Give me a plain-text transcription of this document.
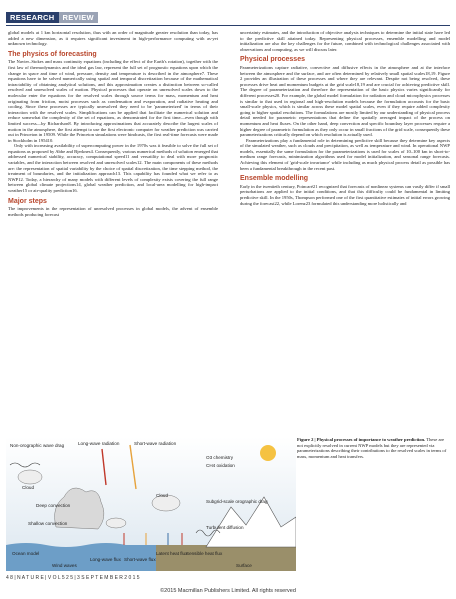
RESEARCH	REVIEW

global models at 1 km horizontal resolution, thus with an order of magnitude greater resolution than today, has added a new dimension, as it requires significant investment in high-performance computing with as-yet unknown technology.

The physics of forecasting

The Navier–Stokes and mass continuity equations (including the effect of the Earth's rotation), together with the first law of thermodynamics and the ideal gas law, represent the full set of prognostic equations upon which the change in space and time of wind, pressure, density and temperature is described in the atmosphere7. These equations have to be solved numerically using spatial and temporal discretization because of the mathematical intractability of obtaining analytical solutions, and this approximation creates a distinction between so-called resolved and unresolved scales of motion. Physical processes that operate on unresolved scales down to the molecular enter the equations for the resolved scales through source terms for mass, momentum and heat originating from friction, moist processes such as condensation and evaporation, and radiative heating and cooling. Since these processes are typically unresolved they need to be 'parameterized' in terms of their interaction with the resolved scales. Simplifications can be applied that facilitate the numerical solution and reduce somewhat the complexity of the set of equations, as demonstrated for the first time—even though with limited success—by Richardson8. By introducing approximations that accurately describe the largest scales of motion in the atmosphere, the first attempt to use the first electronic computer for weather prediction was carried out in Princeton in 19509. While the Princeton simulations were hindcasts, the first real-time forecasts were made in Stockholm in 195410.

Only with increasing availability of supercomputing power in the 1970s was it feasible to solve the full set of equations as proposed by Abbe and Bjerknes4. Consequently, various numerical methods of solution emerged that addressed numerical stability, accuracy, computational speed11 and versatility to deal with more prognostic variables, and the interaction between resolved and unresolved scales12. The main components of these methods are: the representation of spatial variability by the choice of spatial discretization, the time stepping method, the treatment of boundaries, and the initialization approach13. This capability has founded what we refer to as NWP12. Today, a hierarchy of many models with different levels of complexity exists covering the full range between global climate projections14, global weather prediction, and local-area modelling for high-impact weather15 or air-quality prediction16.

Major steps

The improvements in the representation of unresolved processes in global models, the advent of ensemble methods producing forecast

uncertainty estimates, and the introduction of objective analysis techniques to determine the initial state have led to the predictive skill attained today. Representing physical processes, ensemble modelling and model initialization are also the key challenges for the future, combined with technological challenges associated with observations and computing, as we will discuss later.

Physical processes

Parameterizations capture radiative, convective and diffusive effects in the atmosphere and at the interface between the atmosphere and the surface, and are often determined by relatively small spatial scales18,19. Figure 2 provides an illustration of these processes and where they are relevant. Despite not being resolved, these processes drive heat and momentum budgets at the grid scale18,19 and are crucial for achieving predictive skill. The degree of parameterization and therefore the representation of the basic physics varies significantly for different processes20. For example, the global model formulation for radiation and cloud microphysics processes is similar to that used in regional and high-resolution models because the formulation accounts for the basic small-scale physics, which is similar across these model spatial scales, even if they require added complexity going to higher spatial resolutions. The formulations are mostly limited by our understanding of physical process detail needed for parametric representations that define the spatially averaged impact of the process on momentum and heat fluxes. On the other hand, deep convection and specific boundary layer processes require a higher degree of parametric formulation as they only occur in small fractions of the grid scale, consequently these parameterizations critically depend on which resolution is actually used.

Parameterizations play a fundamental role in determining predictive skill because they determine key aspects of the simulated weather, such as clouds and precipitation, as well as temperature and wind. In operational NWP models, essentially the same formulation for the parameterizations is used for scales of 10–100 km in short-to-medium range forecasts, minimization algorithms used for model initialization, and seasonal range forecasts. Achieving this element of 'grid-scale invariance' while including as much physical process detail as possible has been a fundamental breakthrough in the recent past.

Ensemble modelling

Early in the twentieth century, Poincaré21 recognized that forecasts of nonlinear systems can vastly differ if small perturbations are applied to the initial conditions, and that this difficulty could be fundamental in limiting predictive skill. In the 1950s, Thompson performed one of the first quantitative estimates of initial errors growing during the forecast22, while Lorenz23 formulated this understanding more holistically and

Non-orographic wave drag	Long-wave radiation	Short-wave radiation
O3 chemistry
CH4 oxidation
Cloud
Cloud
Deep convection
Shallow convection
Subgrid-scale orographic drag
Turbulent diffusion
Ocean model
Wind waves
Long-wave flux Short-wave flux
Latent heat flux
Sensible heat flux
Surface
Figure 2 | Physical processes of importance to weather prediction. These are not explicitly resolved in current NWP models but they are represented via parameterizations describing their contributions to the resolved scales in terms of mass, momentum and heat transfers.
4 8 | N A T U R E | V O L 5 2 5 | 3 S E P T E M B E R 2 0 1 5
©2015 Macmillan Publishers Limited. All rights reserved
